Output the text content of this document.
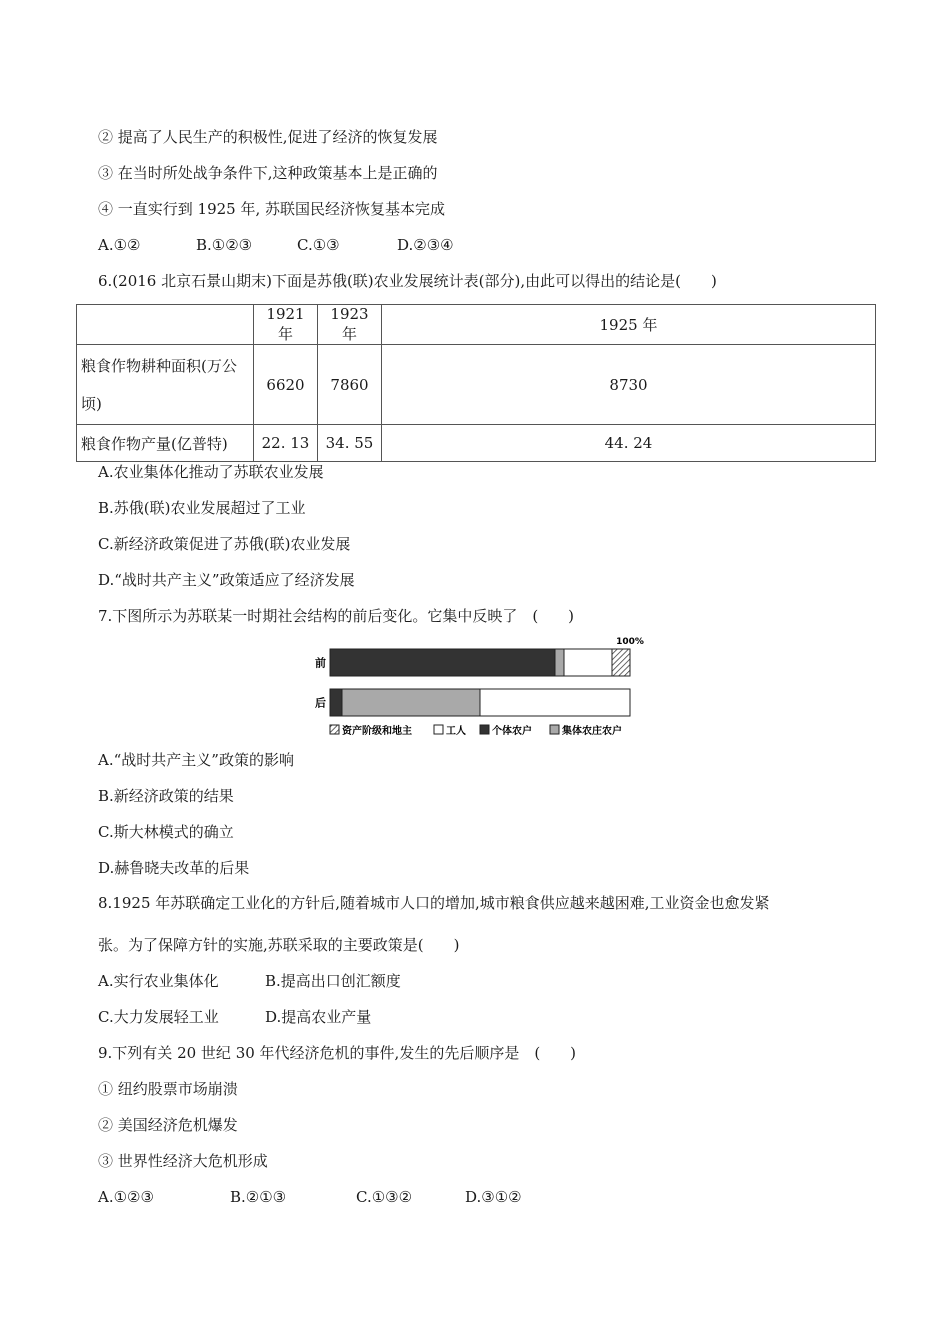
② 提高了人民生产的积极性,促进了经济的恢复发展
③ 在当时所处战争条件下,这种政策基本上是正确的
④ 一直实行到 1925 年, 苏联国民经济恢复基本完成
A.①②	B.①②③	C.①③	D.②③④
6.(2016 北京石景山期末)下面是苏俄(联)农业发展统计表(部分),由此可以得出的结论是(　　)
	1921 年	1923 年	1925 年
粮食作物耕种面积(万公顷)	6620	7860	8730
粮食作物产量(亿普特)	22. 13	34. 55	44. 24
A.农业集体化推动了苏联农业发展
B.苏俄(联)农业发展超过了工业
C.新经济政策促进了苏俄(联)农业发展
D.“战时共产主义”政策适应了经济发展
7.下图所示为苏联某一时期社会结构的前后变化。它集中反映了　(　　)
100%
前
后
资产阶级和地主	工人	个体农户	集体农庄农户
A.“战时共产主义”政策的影响
B.新经济政策的结果
C.斯大林模式的确立
D.赫鲁晓夫改革的后果
8.1925 年苏联确定工业化的方针后,随着城市人口的增加,城市粮食供应越来越困难,工业资金也愈发紧
张。为了保障方针的实施,苏联采取的主要政策是(　　)
A.实行农业集体化	B.提高出口创汇额度
C.大力发展轻工业	D.提高农业产量
9.下列有关 20 世纪 30 年代经济危机的事件,发生的先后顺序是　(　　)
① 纽约股票市场崩溃
② 美国经济危机爆发
③ 世界性经济大危机形成
A.①②③	B.②①③	C.①③②	D.③①②
